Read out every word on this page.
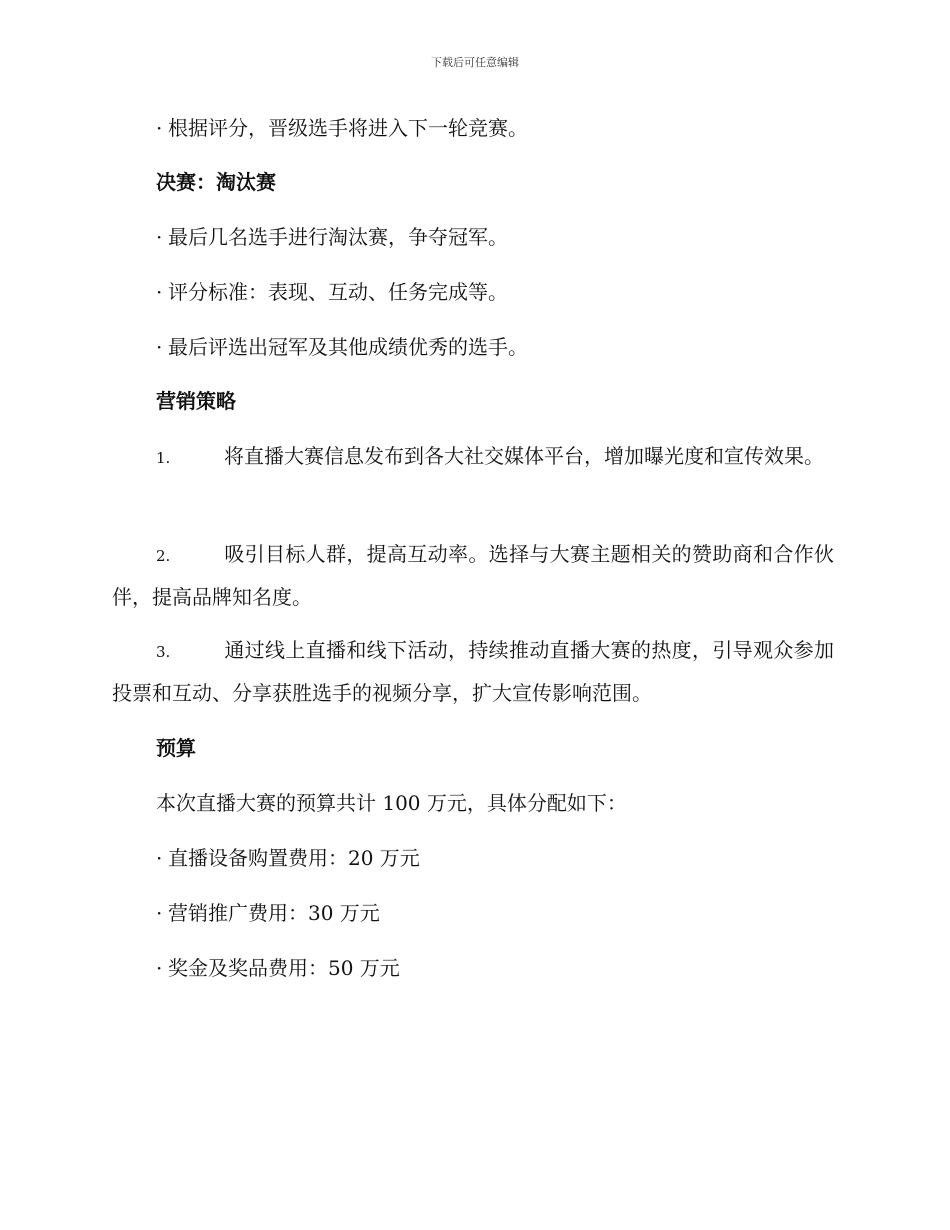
下载后可任意编辑

· 根据评分，晋级选手将进入下一轮竞赛。

决赛：淘汰赛

· 最后几名选手进行淘汰赛，争夺冠军。

· 评分标准：表现、互动、任务完成等。

· 最后评选出冠军及其他成绩优秀的选手。

营销策略

1.	将直播大赛信息发布到各大社交媒体平台，增加曝光度和宣传效果。

2.	吸引目标人群，提高互动率。选择与大赛主题相关的赞助商和合作伙伴，提高品牌知名度。

3.	通过线上直播和线下活动，持续推动直播大赛的热度，引导观众参加投票和互动、分享获胜选手的视频分享，扩大宣传影响范围。

预算

本次直播大赛的预算共计 100 万元，具体分配如下：

· 直播设备购置费用：20 万元

· 营销推广费用：30 万元

· 奖金及奖品费用：50 万元
